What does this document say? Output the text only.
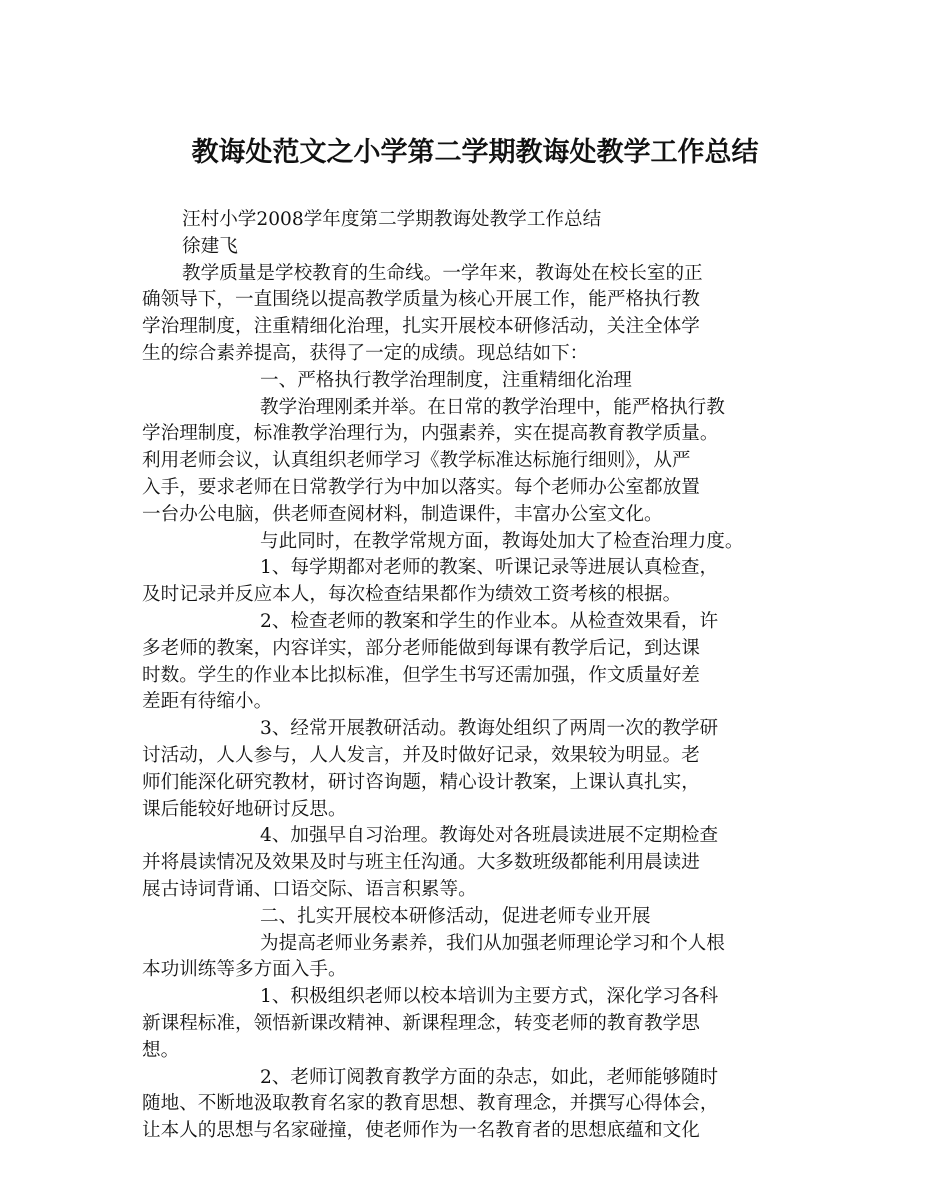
教诲处范文之小学第二学期教诲处教学工作总结
汪村小学2008学年度第二学期教诲处教学工作总结
徐建飞
教学质量是学校教育的生命线。一学年来，教诲处在校长室的正
确领导下，一直围绕以提高教学质量为核心开展工作，能严格执行教
学治理制度，注重精细化治理，扎实开展校本研修活动，关注全体学
生的综合素养提高，获得了一定的成绩。现总结如下：
一、严格执行教学治理制度，注重精细化治理
教学治理刚柔并举。在日常的教学治理中，能严格执行教
学治理制度，标准教学治理行为，内强素养，实在提高教育教学质量。
利用老师会议，认真组织老师学习《教学标准达标施行细则》，从严
入手，要求老师在日常教学行为中加以落实。每个老师办公室都放置
一台办公电脑，供老师查阅材料，制造课件，丰富办公室文化。
与此同时，在教学常规方面，教诲处加大了检查治理力度。
1、每学期都对老师的教案、听课记录等进展认真检查，
及时记录并反应本人，每次检查结果都作为绩效工资考核的根据。
2、检查老师的教案和学生的作业本。从检查效果看，许
多老师的教案，内容详实，部分老师能做到每课有教学后记，到达课
时数。学生的作业本比拟标准，但学生书写还需加强，作文质量好差
差距有待缩小。
3、经常开展教研活动。教诲处组织了两周一次的教学研
讨活动，人人参与，人人发言，并及时做好记录，效果较为明显。老
师们能深化研究教材，研讨咨询题，精心设计教案，上课认真扎实，
课后能较好地研讨反思。
4、加强早自习治理。教诲处对各班晨读进展不定期检查
并将晨读情况及效果及时与班主任沟通。大多数班级都能利用晨读进
展古诗词背诵、口语交际、语言积累等。
二、扎实开展校本研修活动，促进老师专业开展
为提高老师业务素养，我们从加强老师理论学习和个人根
本功训练等多方面入手。
1、积极组织老师以校本培训为主要方式，深化学习各科
新课程标准，领悟新课改精神、新课程理念，转变老师的教育教学思
想。
2、老师订阅教育教学方面的杂志，如此，老师能够随时
随地、不断地汲取教育名家的教育思想、教育理念，并撰写心得体会，
让本人的思想与名家碰撞，使老师作为一名教育者的思想底蕴和文化
